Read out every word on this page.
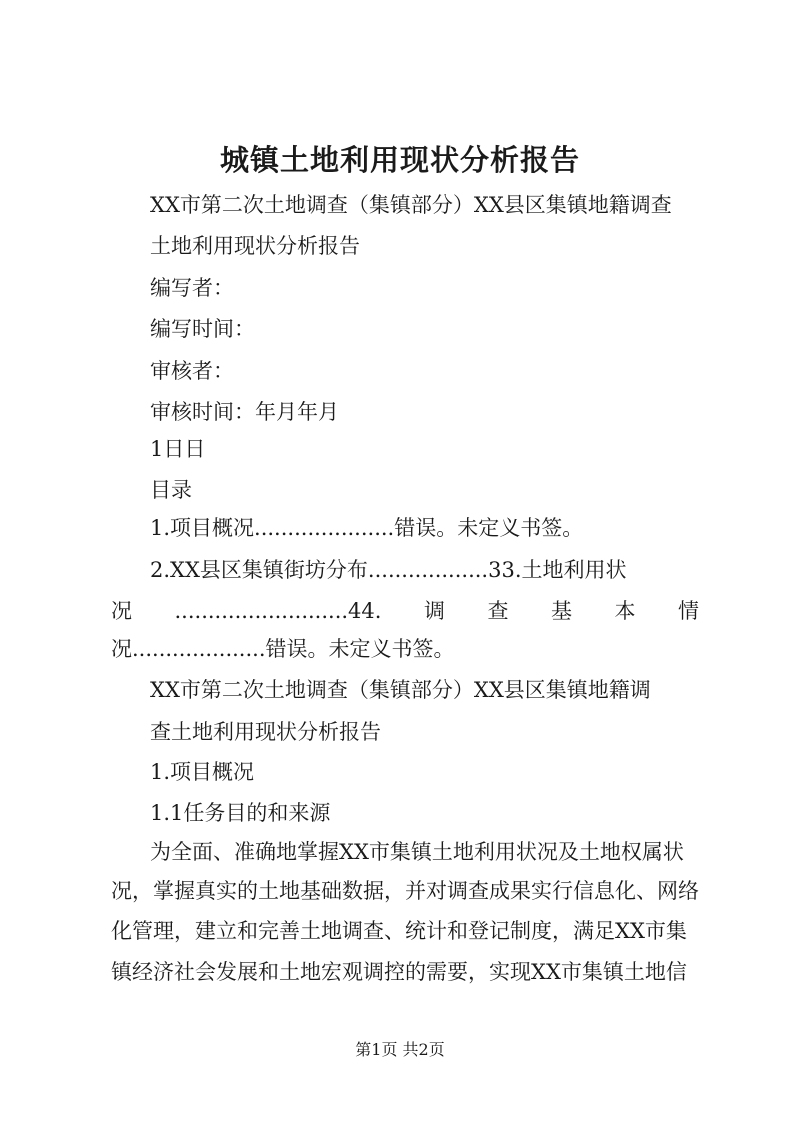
城镇土地利用现状分析报告
XX市第二次土地调查（集镇部分）XX县区集镇地籍调查
土地利用现状分析报告
编写者：
编写时间：
审核者：
审核时间：年月年月
1日日
目录
1.项目概况.....................错误。未定义书签。
2.XX县区集镇街坊分布..................33.土地利用状
况 ..........................44. 调 查 基 本 情
况....................错误。未定义书签。
XX市第二次土地调查（集镇部分）XX县区集镇地籍调
查土地利用现状分析报告
1.项目概况
1.1任务目的和来源
为全面、准确地掌握XX市集镇土地利用状况及土地权属状
况，掌握真实的土地基础数据，并对调查成果实行信息化、网络
化管理，建立和完善土地调查、统计和登记制度，满足XX市集
镇经济社会发展和土地宏观调控的需要，实现XX市集镇土地信
第1页 共2页
